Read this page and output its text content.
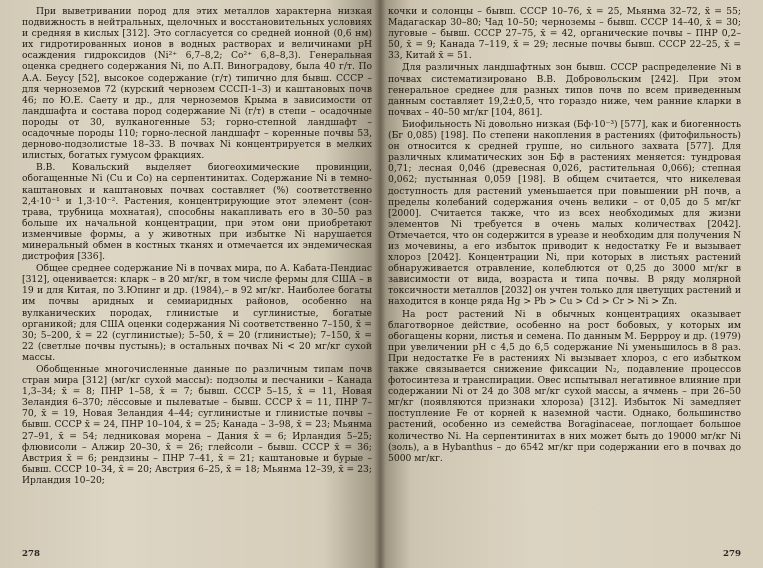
При выветривании пород для этих металлов характерна низкая подвижность в нейтральных, щелочных и восстановительных условиях и средняя в кислых [312]. Это согласуется со средней ионной (0,6 нм) их гидротированных ионов в водных растворах и величинами pH осаждения гидроксидов (Ni²⁺ 6,7–8,2; Co²⁺ 6,8–8,3). Генеральная оценка среднего содержания Ni, по А.П. Виноградову, была 40 г/т. По А.А. Беусу [52], высокое содержание (г/т) типично для бывш. СССР – для черноземов 72 (курский чернозем СССП-1–3) и каштановых почв 46; по Ю.Е. Саету и др., для черноземов Крыма в зависимости от ландшафта и состава пород содержание Ni (г/т) в степи – осадочные породы от 30, вулканогенные 53; горно-степной ландшафт – осадочные породы 110; горно-лесной ландшафт – коренные почвы 53, дерново-подзолистые 18–33. В почвах Ni концентрируется в мелких илистых, богатых гумусом фракциях.

В.В. Ковальский выделяет биогеохимические провинции, обогащенные Ni (Cu и Co) на серпентинитах. Содержание Ni в темно-каштановых и каштановых почвах составляет (%) соответственно 2,4·10⁻¹ и 1,3·10⁻². Растения, концентрирующие этот элемент (сон-трава, трубница мохнатая), способны накапливать его в 30–50 раз больше их начальной концентрации, при этом они приобретают изменчивые формы, а у животных при избытке Ni нарушается минеральный обмен в костных тканях и отмечается их эндемическая дистрофия [336].

Общее среднее содержание Ni в почвах мира, по А. Кабата-Пендиас [312], оценивается: кларк – в 20 мг/кг, в том числе фермы для США – в 19 и для Китая, по З.Юпинг и др. (1984),– в 92 мг/кг. Наиболее богаты им почвы аридных и семиаридных районов, особенно на вулканических породах, глинистые и суглинистые, богатые органикой; для США оценки содержания Ni соответственно 7–150, x̄ = 30; 5–200, x̄ = 22 (суглинистые); 5–50, x̄ = 20 (глинистые); 7–150, x̄ = 22 (светлые почвы пустынь); в остальных почвах Ni < 20 мг/кг сухой массы.

Обобщенные многочисленные данные по различным типам почв стран мира [312] (мг/кг сухой массы): подзолы и песчаники – Канада 1,3–34; x̄ = 8; ПНР 1–58, x̄ = 7; бывш. СССР 5–15, x̄ = 11, Новая Зеландия 6–370; лёссовые и пылеватые – бывш. СССР x̄ = 11, ПНР 7–70, x̄ = 19, Новая Зеландия 4–44; суглинистые и глинистые почвы – бывш. СССР x̄ = 24, ПНР 10–104, x̄ = 25; Канада – 3–98, x̄ = 23; Мьянма 27–91, x̄ = 54; ледниковая морена – Дания x̄ = 6; Ирландия 5–25; флювисоли – Алжир 20–30, x̄ = 26; глейсоли – бывш. СССР x̄ = 36; Австрия x̄ = 6; рендзины – ПНР 7–41, x̄ = 21; каштановые и бурые – бывш. СССР 10–34, x̄ = 20; Австрия 6–25, x̄ = 18; Мьянма 12–39, x̄ = 23; Ирландия 10–20;

278

кочки и солонцы – бывш. СССР 10–76, x̄ = 25, Мьянма 32–72, x̄ = 55; Мадагаскар 30–80; Чад 10–50; черноземы – бывш. СССР 14–40, x̄ = 30; луговые – бывш. СССР 27–75, x̄ = 42, органические почвы – ПНР 0,2–50, x̄ = 9; Канада 7–119, x̄ = 29; лесные почвы бывш. СССР 22–25, x̄ = 33, Китай x̄ = 51.

Для различных ландшафтных зон бывш. СССР распределение Ni в почвах систематизировано В.В. Добровольским [242]. При этом генеральное среднее для разных типов почв по всем приведенным данным составляет 19,2±0,5, что гораздо ниже, чем ранние кларки в почвах – 40–50 мг/кг [104, 861].

Биофильность Ni довольно низкая (Бф·10⁻³) [577], как и биогенность (Бг 0,085) [198]. По степени накопления в растениях (фитофильность) он относится к средней группе, но сильного захвата [577]. Для различных климатических зон Бф в растениях меняется: тундровая 0,71; лесная 0,046 (древесная 0,026, растительная 0,066); степная 0,062; пустынная 0,059 [198]. В общем считается, что никелевая доступность для растений уменьшается при повышении pH почв, а пределы колебаний содержания очень велики – от 0,05 до 5 мг/кг [2000]. Считается также, что из всех необходимых для жизни элементов Ni требуется в очень малых количествах [2042]. Отмечается, что он содержится в уреазе и необходим для получения N из мочевины, а его избыток приводит к недостатку Fe и вызывает хлороз [2042]. Концентрации Ni, при которых в листьях растений обнаруживается отравление, колеблются от 0,25 до 3000 мг/кг в зависимости от вида, возраста и типа почвы. В ряду молярной токсичности металлов [2032] он учтен только для цветущих растений и находится в конце ряда Hg > Pb > Cu > Cd > Cr > Ni > Zn.

На рост растений Ni в обычных концентрациях оказывает благотворное действие, особенно на рост бобовых, у которых им обогащены корни, листья и семена. По данным М. Беррроу и др. (1979) при увеличении pH с 4,5 до 6,5 содержание Ni уменьшилось в 8 раз. При недостатке Fe в растениях Ni вызывает хлороз, с его избытком также связывается снижение фиксации N₂, подавление процессов фотосинтеза и транспирации. Овес испытывал негативное влияние при содержании Ni от 24 до 308 мг/кг сухой массы, а ячмень – при 26–50 мг/кг (появляются признаки хлороза) [312]. Избыток Ni замедляет поступление Fe от корней к наземной части. Однако, большинство растений, особенно из семейства Boraginaceae, поглощает большое количество Ni. На серпентинитах в них может быть до 19000 мг/кг Ni (золь), а в Hybanthus – до 6542 мг/кг при содержании его в почвах до 5000 мг/кг.

279
